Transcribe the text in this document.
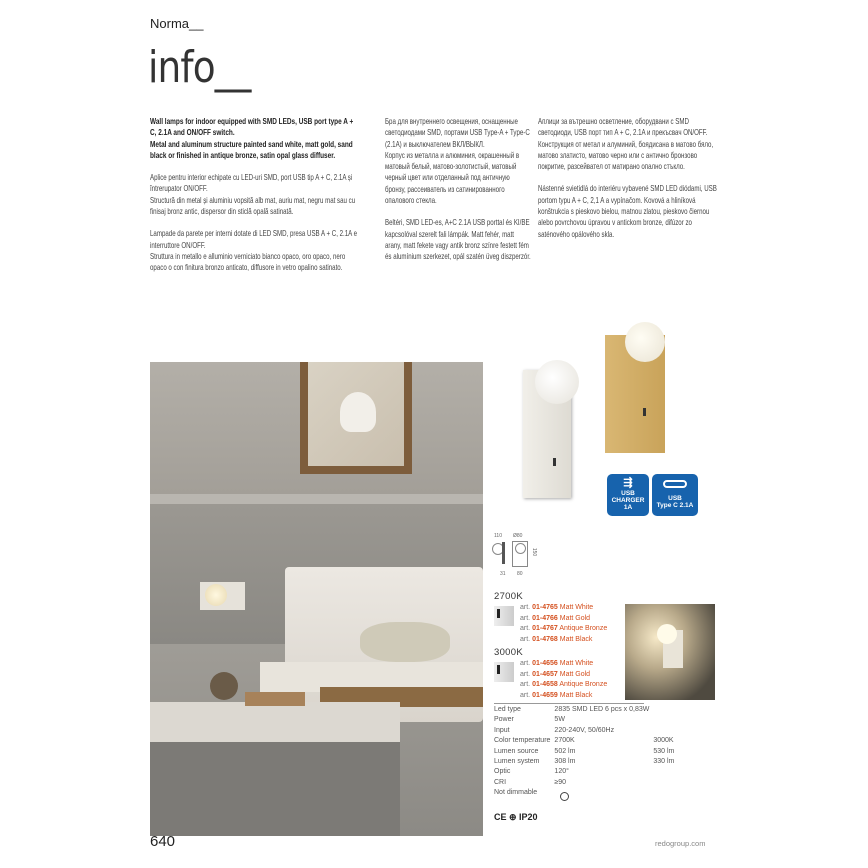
Norma__
info__

Wall lamps for indoor equipped with SMD LEDs, USB port type A + C, 2.1A and ON/OFF switch.
Metal and aluminum structure painted sand white, matt gold, sand black or finished in antique bronze, satin opal glass diffuser.

Aplice pentru interior echipate cu LED-uri SMD, port USB tip A + C, 2.1A și întrerupator ON/OFF.
Structură din metal și aluminiu vopsită alb mat, auriu mat, negru mat sau cu finisaj bronz antic, dispersor din sticlă opală satinată.

Lampade da parete per interni dotate di LED SMD, presa USB A + C, 2.1A e interruttore ON/OFF.
Struttura in metallo e alluminio verniciato bianco opaco, oro opaco, nero opaco o con finitura bronzo anticato, diffusore in vetro opalino satinato.

Бра для внутреннего освещения, оснащенные светодиодами SMD, портами USB Type-A + Type-C (2.1A) и выключателем ВКЛ/ВЫКЛ.
Корпус из металла и алюминия, окрашенный в матовый белый, матово-золотистый, матовый черный цвет или отделанный под античную бронзу, рассеиватель из сатинированного опалового стекла.

Beltéri, SMD LED-es, A+C 2.1A USB porttal és KI/BE kapcsolóval szerelt fali lámpák. Matt fehér, matt arany, matt fekete vagy antik bronz színre festett fém és alumínium szerkezet, opál szatén üveg diszperzór.

Аплици за вътрешно осветление, оборудвани с SMD светодиоди, USB порт тип A + C, 2.1A и прекъсвач ON/OFF.
Конструкция от метал и алуминий, боядисана в матово бяло, матово златисто, матово черно или с антично бронзово покритие, разсейвател от матирано опално стъкло.

Nástenné svietidlá do interiéru vybavené SMD LED diódami, USB portom typu A + C, 2,1 A a vypínačom. Kovová a hliníková konštrukcia s pieskovo bielou, matnou zlatou, pieskovo čiernou alebo povrchovou úpravou v antickom bronze, difúzor zo saténového opálového skla.

⇶
USB
CHARGER
1A
USB
Type C 2.1A
110 Ø80
150
31 80
2700K
art. 01-4765 Matt White
art. 01-4766 Matt Gold
art. 01-4767 Antique Bronze
art. 01-4768 Matt Black
3000K
art. 01-4656 Matt White
art. 01-4657 Matt Gold
art. 01-4658 Antique Bronze
art. 01-4659 Matt Black
Led type	2835 SMD LED 6 pcs x 0,83W	
Power	5W	
Input	220-240V, 50/60Hz	
Color temperature	2700K	3000K
Lumen source	502 lm	530 lm
Lumen system	308 lm	330 lm
Optic	120°	
CRI	≥90	
Not dimmable		
CE ⊕ IP20
640	redogroup.com
